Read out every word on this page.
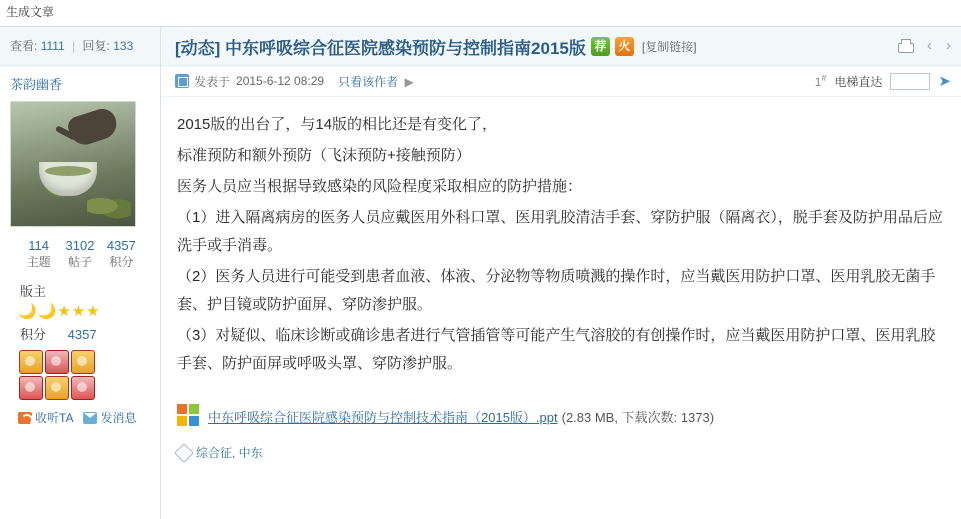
生成文章
查看: 1111 | 回复: 133
茶韵幽香
114
主题
3102
帖子
4357
积分
版主
🌙🌙★★★
积分 4357
收听TA 发消息
[动态] 中东呼吸综合征医院感染预防与控制指南2015版 荐 火 [复制链接]	‹ ›
发表于 2015-6-12 08:29 只看该作者 ▶	1# 电梯直达	➤

2015版的出台了，与14版的相比还是有变化了，

标准预防和额外预防（飞沫预防+接触预防）

医务人员应当根据导致感染的风险程度采取相应的防护措施：

（1）进入隔离病房的医务人员应戴医用外科口罩、医用乳胶清洁手套、穿防护服（隔离衣），脱手套及防护用品后应洗手或手消毒。

（2）医务人员进行可能受到患者血液、体液、分泌物等物质喷溅的操作时，应当戴医用防护口罩、医用乳胶无菌手套、护目镜或防护面屏、穿防渗护服。

（3）对疑似、临床诊断或确诊患者进行气管插管等可能产生气溶胶的有创操作时，应当戴医用防护口罩、医用乳胶手套、防护面屏或呼吸头罩、穿防渗护服。

中东呼吸综合征医院感染预防与控制技术指南（2015版）.ppt (2.83 MB, 下载次数: 1373)
综合征, 中东
